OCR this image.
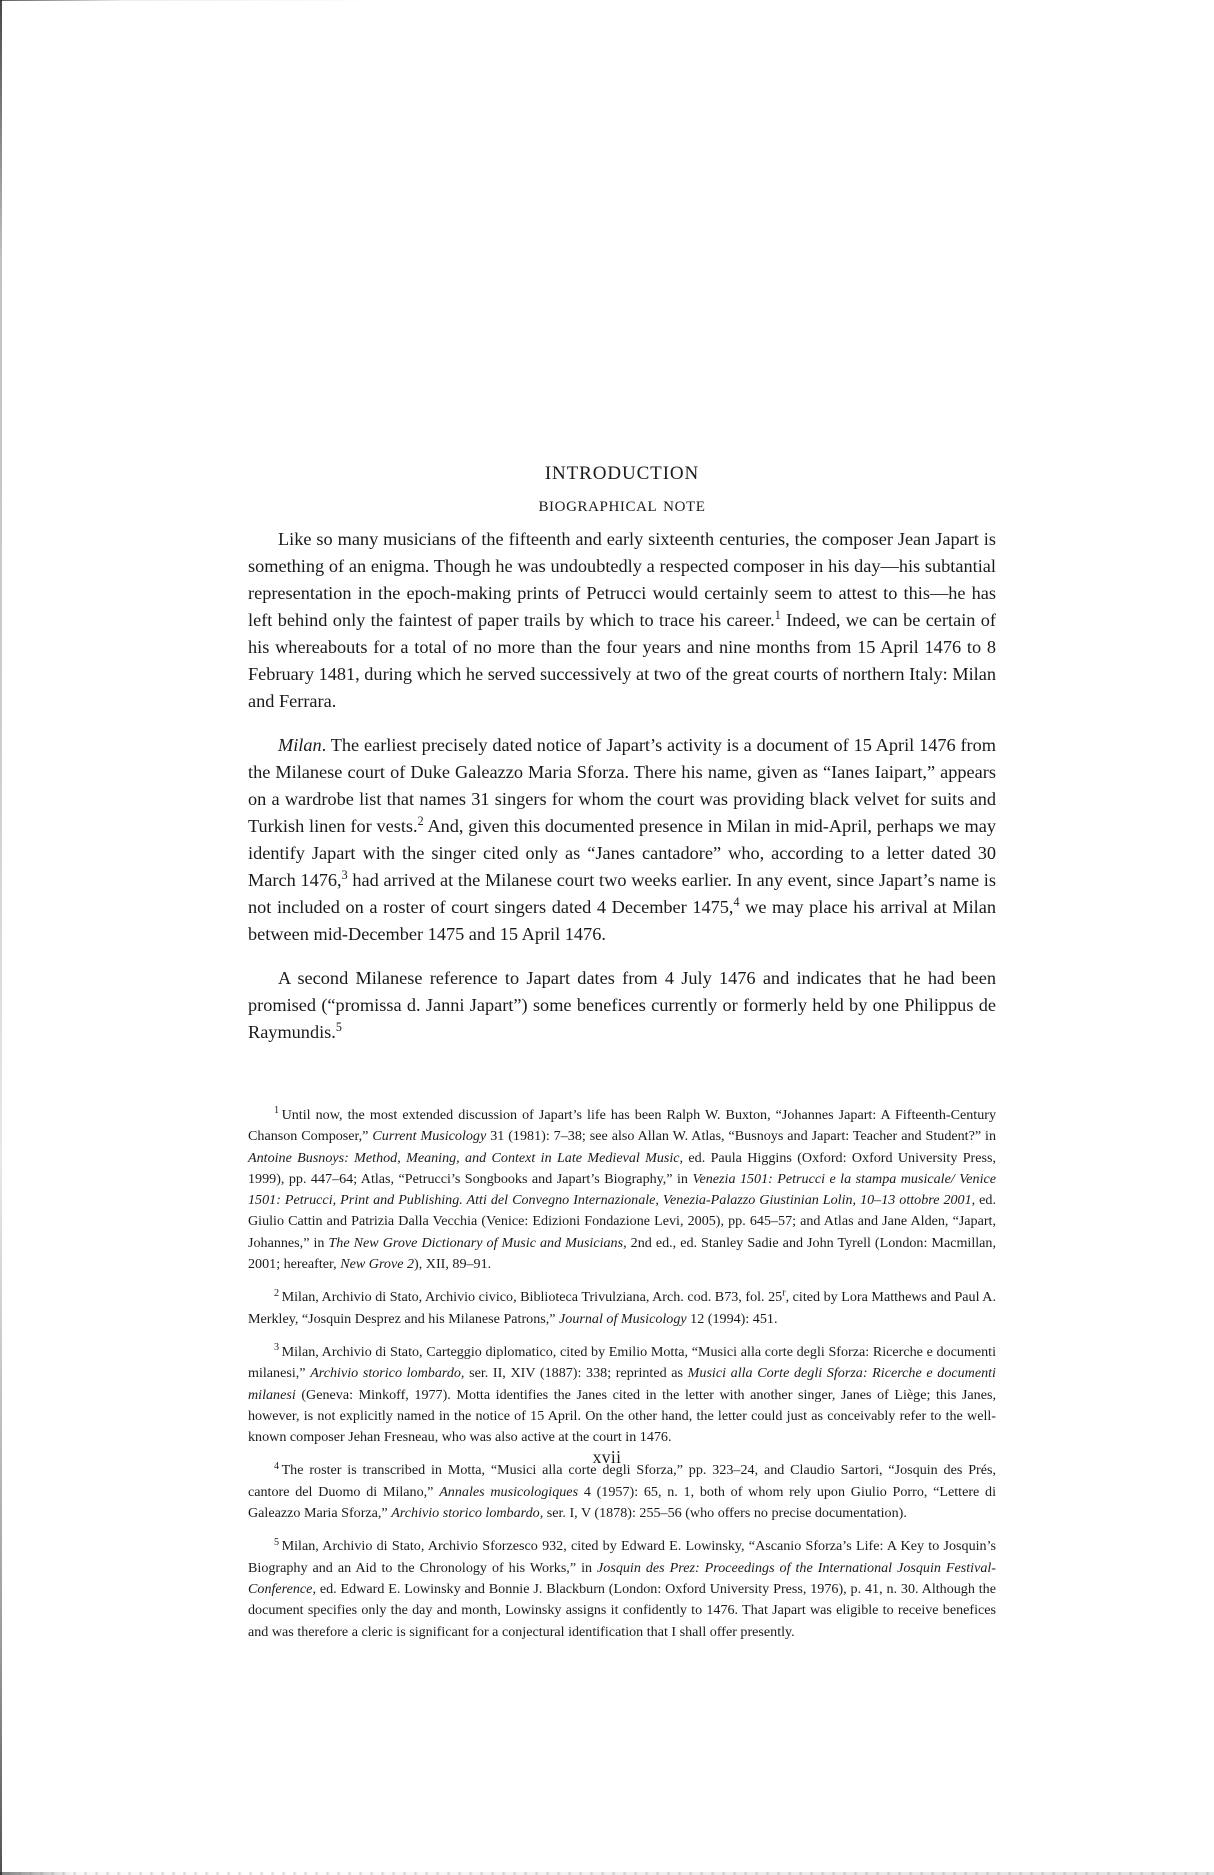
introduction
biographical note

Like so many musicians of the fifteenth and early sixteenth centuries, the composer Jean Japart is something of an enigma. Though he was undoubtedly a respected composer in his day—his subtantial representation in the epoch-making prints of Petrucci would certainly seem to attest to this—he has left behind only the faintest of paper trails by which to trace his career.$^1$ Indeed, we can be certain of his whereabouts for a total of no more than the four years and nine months from 15 April 1476 to 8 February 1481, during which he served successively at two of the great courts of northern Italy: Milan and Ferrara.

Milan. The earliest precisely dated notice of Japart’s activity is a document of 15 April 1476 from the Milanese court of Duke Galeazzo Maria Sforza. There his name, given as “Ianes Iaipart,” appears on a wardrobe list that names 31 singers for whom the court was providing black velvet for suits and Turkish linen for vests.$^2$ And, given this documented presence in Milan in mid-April, perhaps we may identify Japart with the singer cited only as “Janes cantadore” who, according to a letter dated 30 March 1476,$^3$ had arrived at the Milanese court two weeks earlier. In any event, since Japart’s name is not included on a roster of court singers dated 4 December 1475,$^4$ we may place his arrival at Milan between mid-December 1475 and 15 April 1476.

A second Milanese reference to Japart dates from 4 July 1476 and indicates that he had been promised (“promissa d. Janni Japart”) some benefices currently or formerly held by one Philippus de Raymundis.$^5$

$^1$ Until now, the most extended discussion of Japart’s life has been Ralph W. Buxton, “Johannes Japart: A Fifteenth-Century Chanson Composer,” Current Musicology 31 (1981): 7–38; see also Allan W. Atlas, “Busnoys and Japart: Teacher and Student?” in Antoine Busnoys: Method, Meaning, and Context in Late Medieval Music, ed. Paula Higgins (Oxford: Oxford University Press, 1999), pp. 447–64; Atlas, “Petrucci’s Songbooks and Japart’s Biography,” in Venezia 1501: Petrucci e la stampa musicale/ Venice 1501: Petrucci, Print and Publishing. Atti del Convegno Internazionale, Venezia-Palazzo Giustinian Lolin, 10–13 ottobre 2001, ed. Giulio Cattin and Patrizia Dalla Vecchia (Venice: Edizioni Fondazione Levi, 2005), pp. 645–57; and Atlas and Jane Alden, “Japart, Johannes,” in The New Grove Dictionary of Music and Musicians, 2nd ed., ed. Stanley Sadie and John Tyrell (London: Macmillan, 2001; hereafter, New Grove 2), XII, 89–91.

$^2$ Milan, Archivio di Stato, Archivio civico, Biblioteca Trivulziana, Arch. cod. B73, fol. 25$^r$, cited by Lora Matthews and Paul A. Merkley, “Josquin Desprez and his Milanese Patrons,” Journal of Musicology 12 (1994): 451.

$^3$ Milan, Archivio di Stato, Carteggio diplomatico, cited by Emilio Motta, “Musici alla corte degli Sforza: Ricerche e documenti milanesi,” Archivio storico lombardo, ser. II, XIV (1887): 338; reprinted as Musici alla Corte degli Sforza: Ricerche e documenti milanesi (Geneva: Minkoff, 1977). Motta identifies the Janes cited in the letter with another singer, Janes of Liège; this Janes, however, is not explicitly named in the notice of 15 April. On the other hand, the letter could just as conceivably refer to the well-known composer Jehan Fresneau, who was also active at the court in 1476.

$^4$ The roster is transcribed in Motta, “Musici alla corte degli Sforza,” pp. 323–24, and Claudio Sartori, “Josquin des Prés, cantore del Duomo di Milano,” Annales musicologiques 4 (1957): 65, n. 1, both of whom rely upon Giulio Porro, “Lettere di Galeazzo Maria Sforza,” Archivio storico lombardo, ser. I, V (1878): 255–56 (who offers no precise documentation).

$^5$ Milan, Archivio di Stato, Archivio Sforzesco 932, cited by Edward E. Lowinsky, “Ascanio Sforza’s Life: A Key to Josquin’s Biography and an Aid to the Chronology of his Works,” in Josquin des Prez: Proceedings of the International Josquin Festival-Conference, ed. Edward E. Lowinsky and Bonnie J. Blackburn (London: Oxford University Press, 1976), p. 41, n. 30. Although the document specifies only the day and month, Lowinsky assigns it confidently to 1476. That Japart was eligible to receive benefices and was therefore a cleric is significant for a conjectural identification that I shall offer presently.

xvii
